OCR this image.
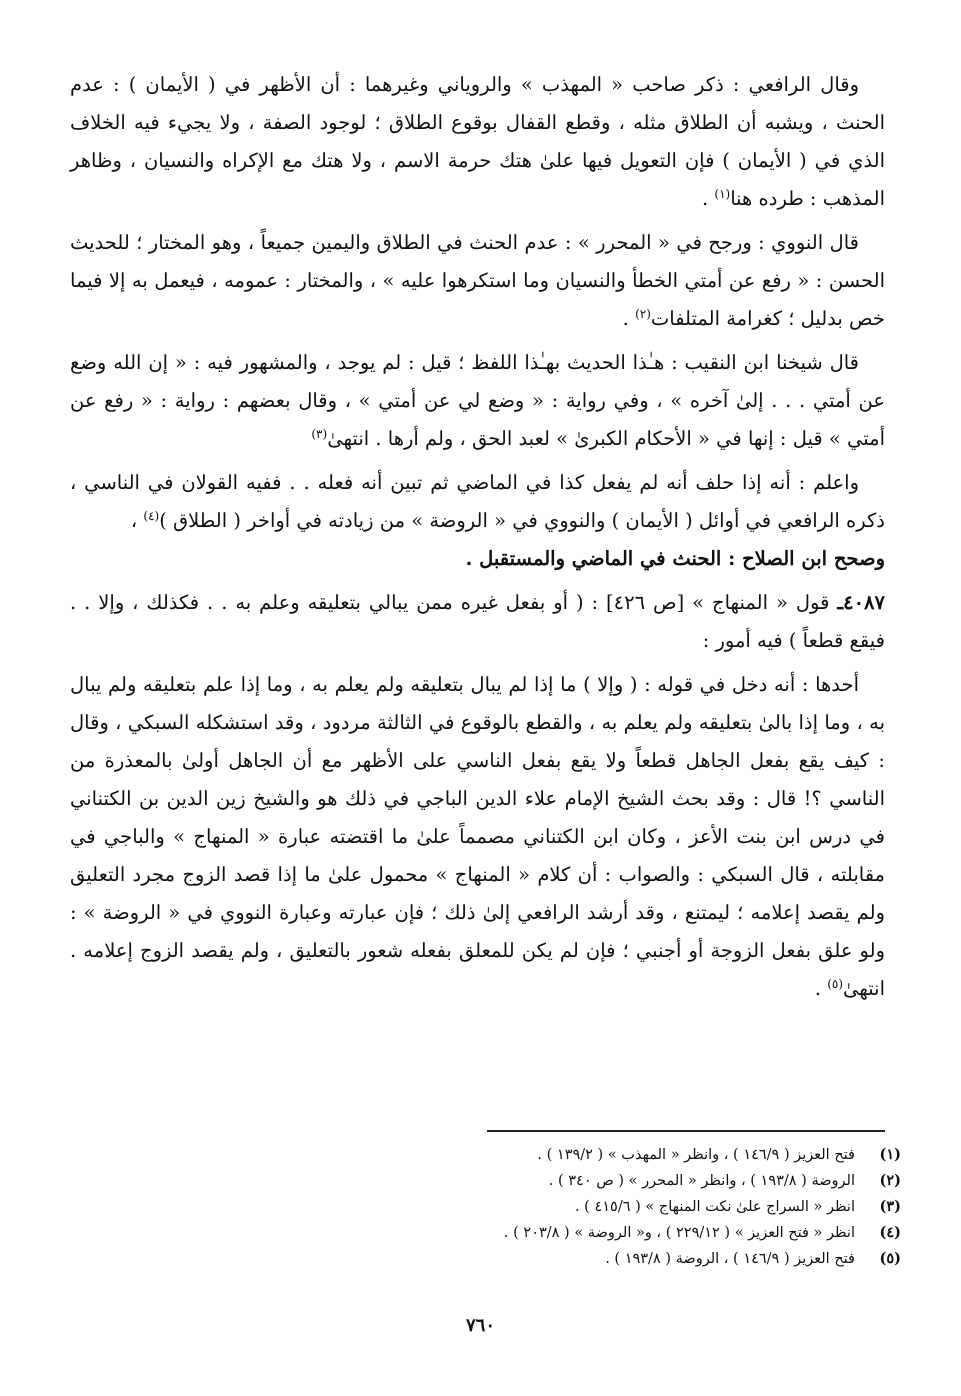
وقال الرافعي : ذكر صاحب « المهذب » والروياني وغيرهما : أن الأظهر في ( الأيمان ) : عدم الحنث ، ويشبه أن الطلاق مثله ، وقطع القفال بوقوع الطلاق ؛ لوجود الصفة ، ولا يجيء فيه الخلاف الذي في ( الأيمان ) فإن التعويل فيها علىٰ هتك حرمة الاسم ، ولا هتك مع الإكراه والنسيان ، وظاهر المذهب : طرده هنا$^{(١)}$ .

قال النووي : ورجح في « المحرر » : عدم الحنث في الطلاق واليمين جميعاً ، وهو المختار ؛ للحديث الحسن : « رفع عن أمتي الخطأ والنسيان وما استكرهوا عليه » ، والمختار : عمومه ، فيعمل به إلا فيما خص بدليل ؛ كغرامة المتلفات$^{(٢)}$ .

قال شيخنا ابن النقيب : هـٰذا الحديث بهـٰذا اللفظ ؛ قيل : لم يوجد ، والمشهور فيه : « إن الله وضع عن أمتي . . . إلىٰ آخره » ، وفي رواية : « وضع لي عن أمتي » ، وقال بعضهم : رواية : « رفع عن أمتي » قيل : إنها في « الأحكام الكبرىٰ » لعبد الحق ، ولم أرها . انتهىٰ$^{(٣)}$

واعلم : أنه إذا حلف أنه لم يفعل كذا في الماضي ثم تبين أنه فعله . . ففيه القولان في الناسي ، ذكره الرافعي في أوائل ( الأيمان ) والنووي في « الروضة » من زيادته في أواخر ( الطلاق )$^{(٤)}$ ،
وصحح ابن الصلاح : الحنث في الماضي والمستقبل .

٤٠٨٧ـ قول « المنهاج » [ص ٤٢٦] : ( أو بفعل غيره ممن يبالي بتعليقه وعلم به . . فكذلك ، وإلا . . فيقع قطعاً ) فيه أمور :

أحدها : أنه دخل في قوله : ( وإلا ) ما إذا لم يبال بتعليقه ولم يعلم به ، وما إذا علم بتعليقه ولم يبال به ، وما إذا بالىٰ بتعليقه ولم يعلم به ، والقطع بالوقوع في الثالثة مردود ، وقد استشكله السبكي ، وقال : كيف يقع بفعل الجاهل قطعاً ولا يقع بفعل الناسي على الأظهر مع أن الجاهل أولىٰ بالمعذرة من الناسي ؟! قال : وقد بحث الشيخ الإمام علاء الدين الباجي في ذلك هو والشيخ زين الدين بن الكتناني في درس ابن بنت الأعز ، وكان ابن الكتناني مصمماً علىٰ ما اقتضته عبارة « المنهاج » والباجي في مقابلته ، قال السبكي : والصواب : أن كلام « المنهاج » محمول علىٰ ما إذا قصد الزوج مجرد التعليق ولم يقصد إعلامه ؛ ليمتنع ، وقد أرشد الرافعي إلىٰ ذلك ؛ فإن عبارته وعبارة النووي في « الروضة » : ولو علق بفعل الزوجة أو أجنبي ؛ فإن لم يكن للمعلق بفعله شعور بالتعليق ، ولم يقصد الزوج إعلامه . انتهىٰ$^{(٥)}$ .

(١)فتح العزيز ( ١٤٦/٩ ) ، وانظر « المهذب » ( ١٣٩/٢ ) .
(٢)الروضة ( ١٩٣/٨ ) ، وانظر « المحرر » ( ص ٣٤٠ ) .
(٣)انظر « السراج علىٰ نكت المنهاج » ( ٤١٥/٦ ) .
(٤)انظر « فتح العزيز » ( ٢٢٩/١٢ ) ، و« الروضة » ( ٢٠٣/٨ ) .
(٥)فتح العزيز ( ١٤٦/٩ ) ، الروضة ( ١٩٣/٨ ) .
٧٦٠
